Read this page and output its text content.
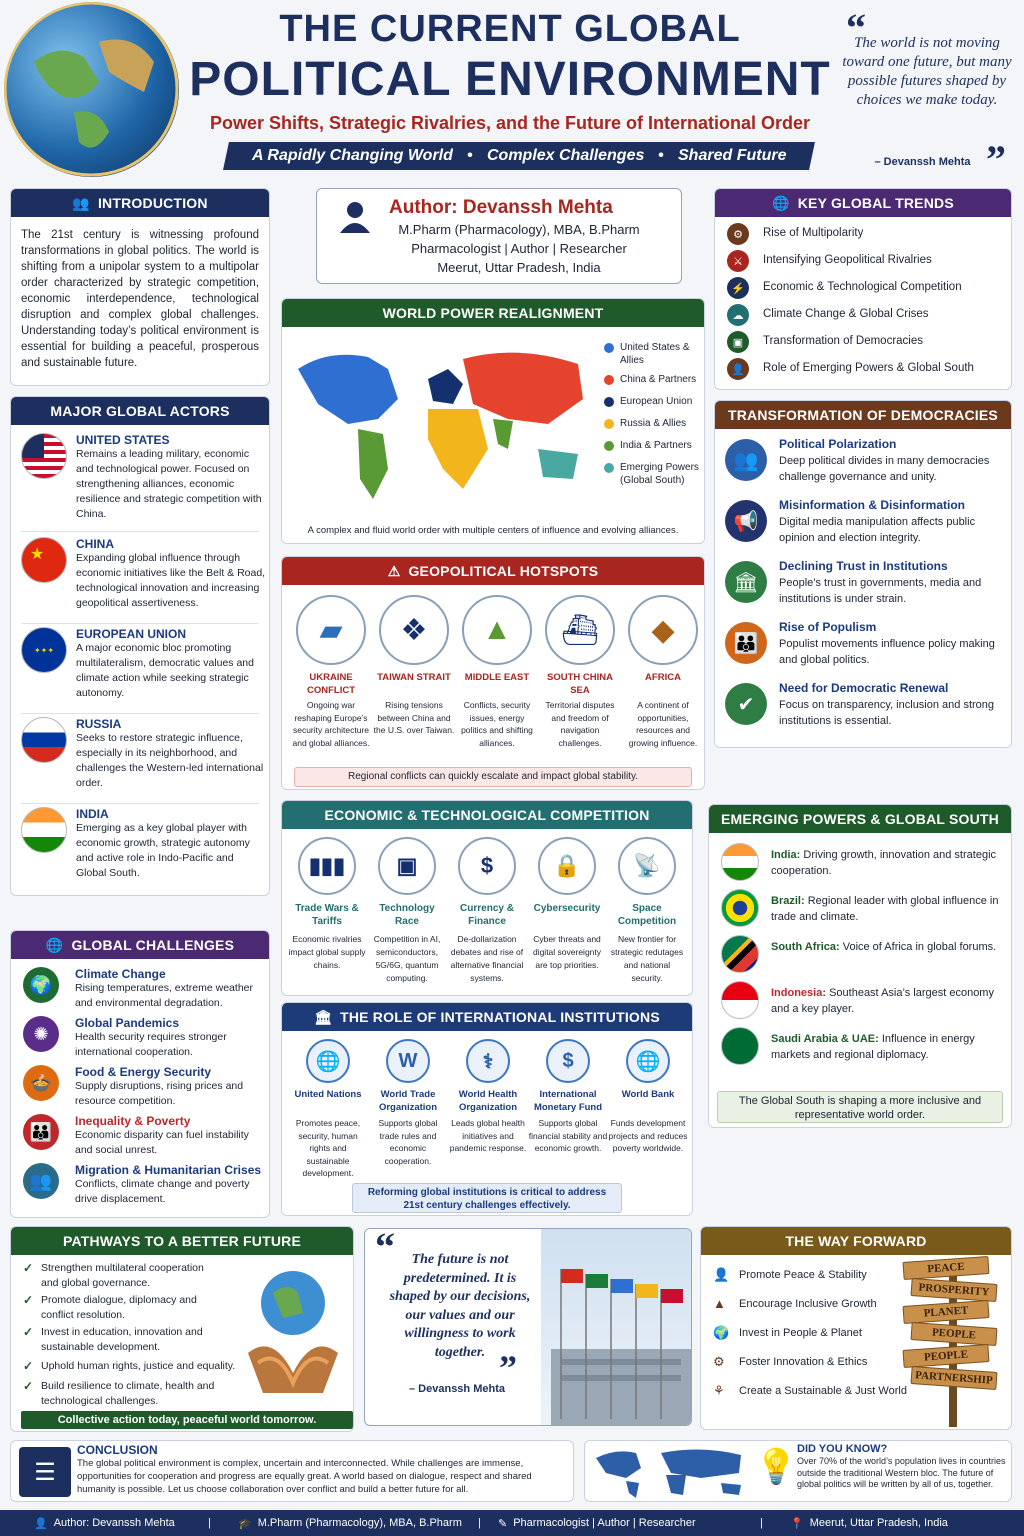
THE CURRENT GLOBAL
POLITICAL ENVIRONMENT
Power Shifts, Strategic Rivalries, and the Future of International Order
A Rapidly Changing World • Complex Challenges • Shared Future
“
The world is not moving toward one future, but many possible futures shaped by choices we make today.
– Devanssh Mehta ”
👥 INTRODUCTION
The 21st century is witnessing profound transformations in global politics. The world is shifting from a unipolar system to a multipolar order characterized by strategic competition, economic interdependence, technological disruption and complex global challenges. Understanding today’s political environment is essential for building a peaceful, prosperous and sustainable future.
MAJOR GLOBAL ACTORS
UNITED STATES
Remains a leading military, economic and technological power. Focused on strengthening alliances, economic resilience and strategic competition with China.
★
CHINA
Expanding global influence through economic initiatives like the Belt & Road, technological innovation and increasing geopolitical assertiveness.
✦✦✦
EUROPEAN UNION
A major economic bloc promoting multilateralism, democratic values and climate action while seeking strategic autonomy.
RUSSIA
Seeks to restore strategic influence, especially in its neighborhood, and challenges the Western-led international order.
INDIA
Emerging as a key global player with economic growth, strategic autonomy and active role in Indo-Pacific and Global South.
🌐 GLOBAL CHALLENGES
🌍
Climate Change
Rising temperatures, extreme weather and environmental degradation.
✺
Global Pandemics
Health security requires stronger international cooperation.
🍲
Food & Energy Security
Supply disruptions, rising prices and resource competition.
👪
Inequality & Poverty
Economic disparity can fuel instability and social unrest.
👥
Migration & Humanitarian Crises
Conflicts, climate change and poverty drive displacement.
Author: Devanssh Mehta
M.Pharm (Pharmacology), MBA, B.Pharm
Pharmacologist | Author | Researcher
Meerut, Uttar Pradesh, India
WORLD POWER REALIGNMENT
United States & Allies
China & Partners
European Union
Russia & Allies
India & Partners
Emerging Powers (Global South)
A complex and fluid world order with multiple centers of influence and evolving alliances.
⚠ GEOPOLITICAL HOTSPOTS
▰
UKRAINE CONFLICT
Ongoing war reshaping Europe’s security architecture and global alliances.
❖
TAIWAN STRAIT
Rising tensions between China and the U.S. over Taiwan.
▲
MIDDLE EAST
Conflicts, security issues, energy politics and shifting alliances.
⛴
SOUTH CHINA SEA
Territorial disputes and freedom of navigation challenges.
◆
AFRICA
A continent of opportunities, resources and growing influence.
Regional conflicts can quickly escalate and impact global stability.
ECONOMIC & TECHNOLOGICAL COMPETITION
▮▮▮
Trade Wars & Tariffs
Economic rivalries impact global supply chains.
▣
Technology Race
Competition in AI, semiconductors, 5G/6G, quantum computing.
$
Currency & Finance
De-dollarization debates and rise of alternative financial systems.
🔒
Cybersecurity
Cyber threats and digital sovereignty are top priorities.
📡
Space Competition
New frontier for strategic redutages and national security.
🏛 THE ROLE OF INTERNATIONAL INSTITUTIONS
🌐
United Nations
Promotes peace, security, human rights and sustainable development.
W
World Trade Organization
Supports global trade rules and economic cooperation.
⚕
World Health Organization
Leads global health initiatives and pandemic response.
$
International Monetary Fund
Supports global financial stability and economic growth.
🌐
World Bank
Funds development projects and reduces poverty worldwide.
Reforming global institutions is critical to address 21st century challenges effectively.
🌐 KEY GLOBAL TRENDS
⚙	Rise of Multipolarity
⚔	Intensifying Geopolitical Rivalries
⚡	Economic & Technological Competition
☁	Climate Change & Global Crises
▣	Transformation of Democracies
👤	Role of Emerging Powers & Global South
TRANSFORMATION OF DEMOCRACIES
👥
Political Polarization
Deep political divides in many democracies challenge governance and unity.
📢
Misinformation & Disinformation
Digital media manipulation affects public opinion and election integrity.
🏛
Declining Trust in Institutions
People’s trust in governments, media and institutions is under strain.
👪
Rise of Populism
Populist movements influence policy making and global politics.
✔
Need for Democratic Renewal
Focus on transparency, inclusion and strong institutions is essential.
EMERGING POWERS & GLOBAL SOUTH
India: Driving growth, innovation and strategic cooperation.
Brazil: Regional leader with global influence in trade and climate.
South Africa: Voice of Africa in global forums.
Indonesia: Southeast Asia’s largest economy and a key player.
Saudi Arabia & UAE: Influence in energy markets and regional diplomacy.
The Global South is shaping a more inclusive and representative world order.
PATHWAYS TO A BETTER FUTURE
✓ Strengthen multilateral cooperation and global governance.
✓ Promote dialogue, diplomacy and conflict resolution.
✓ Invest in education, innovation and sustainable development.
✓ Uphold human rights, justice and equality.
✓ Build resilience to climate, health and technological challenges.
Collective action today, peaceful world tomorrow.
“	The future is not predetermined. It is shaped by our decisions, our values and our willingness to work together. ”
– Devanssh Mehta
THE WAY FORWARD
👤 Promote Peace & Stability
▲	Encourage Inclusive Growth
🌍 Invest in People & Planet
⚙	Foster Innovation & Ethics
⚘	Create a Sustainable & Just World
PEACE
PROSPERITY
PLANET
PEOPLE
PEOPLE
PARTNERSHIP
☰
CONCLUSION
The global political environment is complex, uncertain and interconnected. While challenges are immense, opportunities for cooperation and progress are equally great. A world based on dialogue, respect and shared humanity is possible. Let us choose collaboration over conflict and build a better future for all.
💡 DID YOU KNOW?
Over 70% of the world’s population lives in countries outside the traditional Western bloc. The future of global politics will be written by all of us, together.
👤 Author: Devanssh Mehta	| 🎓 M.Pharm (Pharmacology), MBA, B.Pharm | ✎ Pharmacologist | Author | Researcher	| 📍 Meerut, Uttar Pradesh, India
